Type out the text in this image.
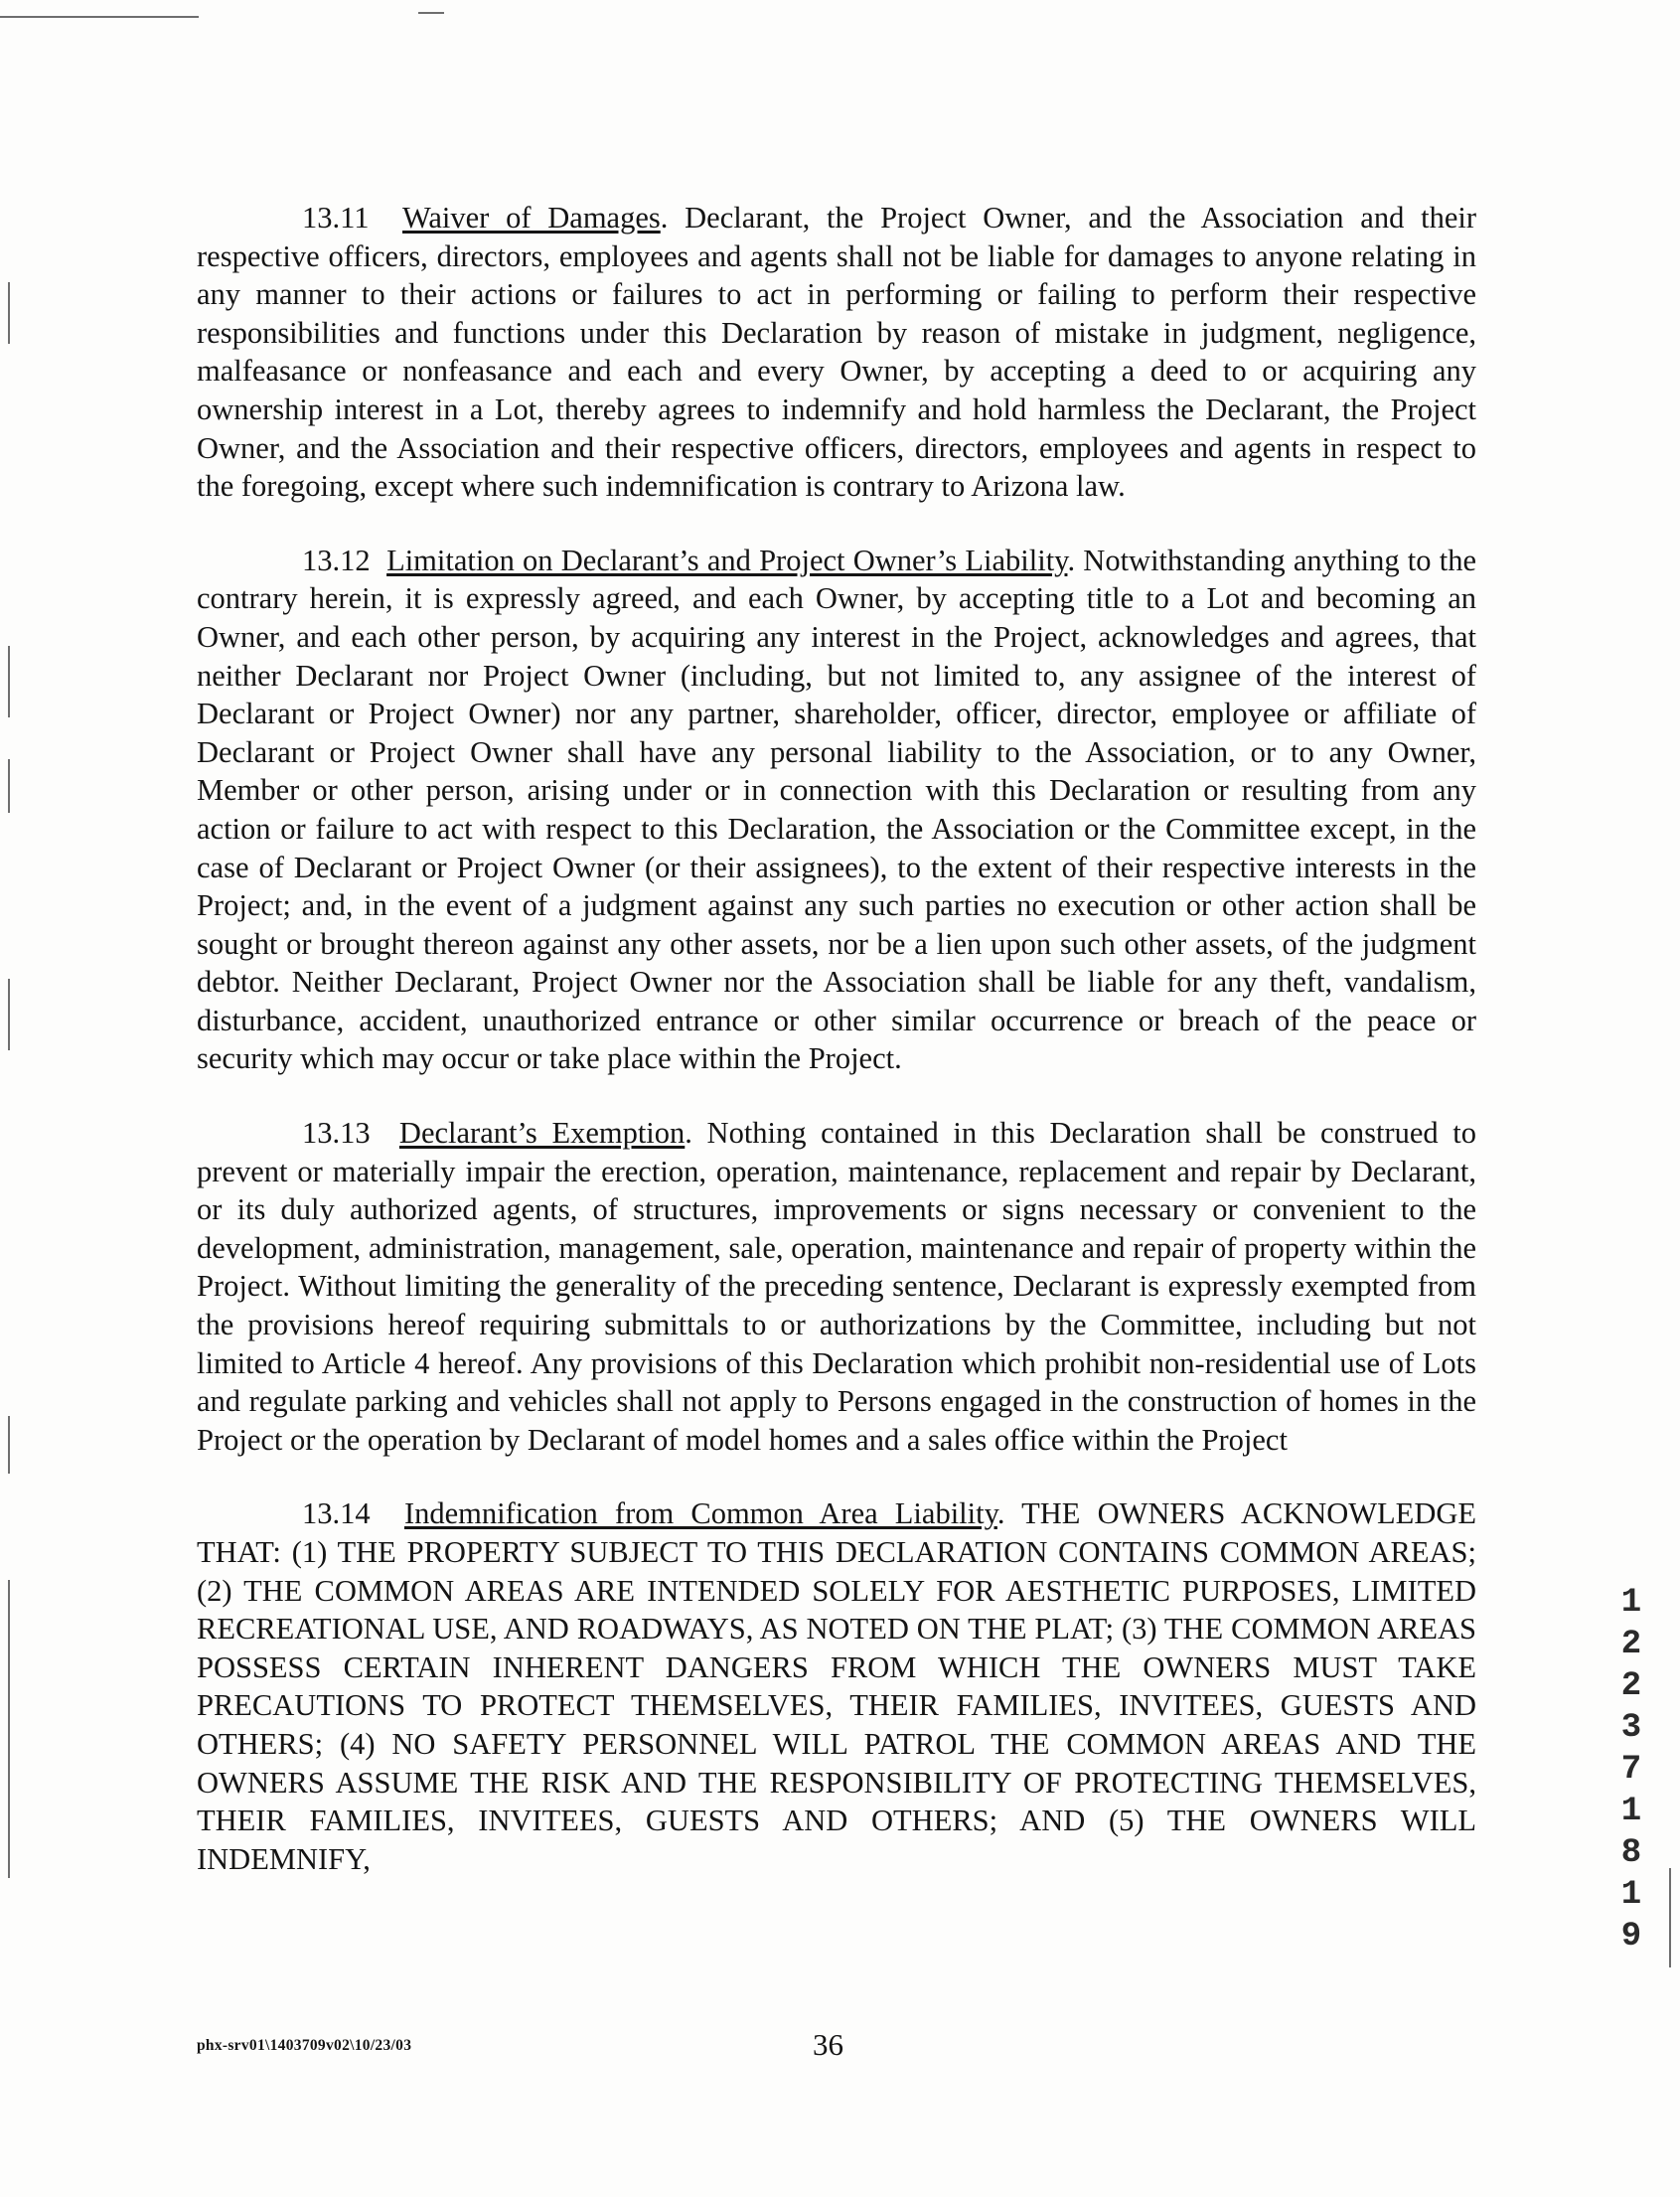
13.11 Waiver of Damages. Declarant, the Project Owner, and the Association and their respective officers, directors, employees and agents shall not be liable for damages to anyone relating in any manner to their actions or failures to act in performing or failing to perform their respective responsibilities and functions under this Declaration by reason of mistake in judgment, negligence, malfeasance or nonfeasance and each and every Owner, by accepting a deed to or acquiring any ownership interest in a Lot, thereby agrees to indemnify and hold harmless the Declarant, the Project Owner, and the Association and their respective officers, directors, employees and agents in respect to the foregoing, except where such indemnification is contrary to Arizona law.

13.12 Limitation on Declarant’s and Project Owner’s Liability. Notwithstanding anything to the contrary herein, it is expressly agreed, and each Owner, by accepting title to a Lot and becoming an Owner, and each other person, by acquiring any interest in the Project, acknowledges and agrees, that neither Declarant nor Project Owner (including, but not limited to, any assignee of the interest of Declarant or Project Owner) nor any partner, shareholder, officer, director, employee or affiliate of Declarant or Project Owner shall have any personal liability to the Association, or to any Owner, Member or other person, arising under or in connection with this Declaration or resulting from any action or failure to act with respect to this Declaration, the Association or the Committee except, in the case of Declarant or Project Owner (or their assignees), to the extent of their respective interests in the Project; and, in the event of a judgment against any such parties no execution or other action shall be sought or brought thereon against any other assets, nor be a lien upon such other assets, of the judgment debtor. Neither Declarant, Project Owner nor the Association shall be liable for any theft, vandalism, disturbance, accident, unauthorized entrance or other similar occurrence or breach of the peace or security which may occur or take place within the Project.

13.13 Declarant’s Exemption. Nothing contained in this Declaration shall be construed to prevent or materially impair the erection, operation, maintenance, replacement and repair by Declarant, or its duly authorized agents, of structures, improvements or signs necessary or convenient to the development, administration, management, sale, operation, maintenance and repair of property within the Project. Without limiting the generality of the preceding sentence, Declarant is expressly exempted from the provisions hereof requiring submittals to or authorizations by the Committee, including but not limited to Article 4 hereof. Any provisions of this Declaration which prohibit non-residential use of Lots and regulate parking and vehicles shall not apply to Persons engaged in the construction of homes in the Project or the operation by Declarant of model homes and a sales office within the Project

13.14 Indemnification from Common Area Liability. THE OWNERS ACKNOWLEDGE THAT: (1) THE PROPERTY SUBJECT TO THIS DECLARATION CONTAINS COMMON AREAS; (2) THE COMMON AREAS ARE INTENDED SOLELY FOR AESTHETIC PURPOSES, LIMITED RECREATIONAL USE, AND ROADWAYS, AS NOTED ON THE PLAT; (3) THE COMMON AREAS POSSESS CERTAIN INHERENT DANGERS FROM WHICH THE OWNERS MUST TAKE PRECAUTIONS TO PROTECT THEMSELVES, THEIR FAMILIES, INVITEES, GUESTS AND OTHERS; (4) NO SAFETY PERSONNEL WILL PATROL THE COMMON AREAS AND THE OWNERS ASSUME THE RISK AND THE RESPONSIBILITY OF PROTECTING THEMSELVES, THEIR FAMILIES, INVITEES, GUESTS AND OTHERS; AND (5) THE OWNERS WILL INDEMNIFY,

phx-srv01\1403709v02\10/23/03	36
1
2
2
3
7
1
8
1
9
